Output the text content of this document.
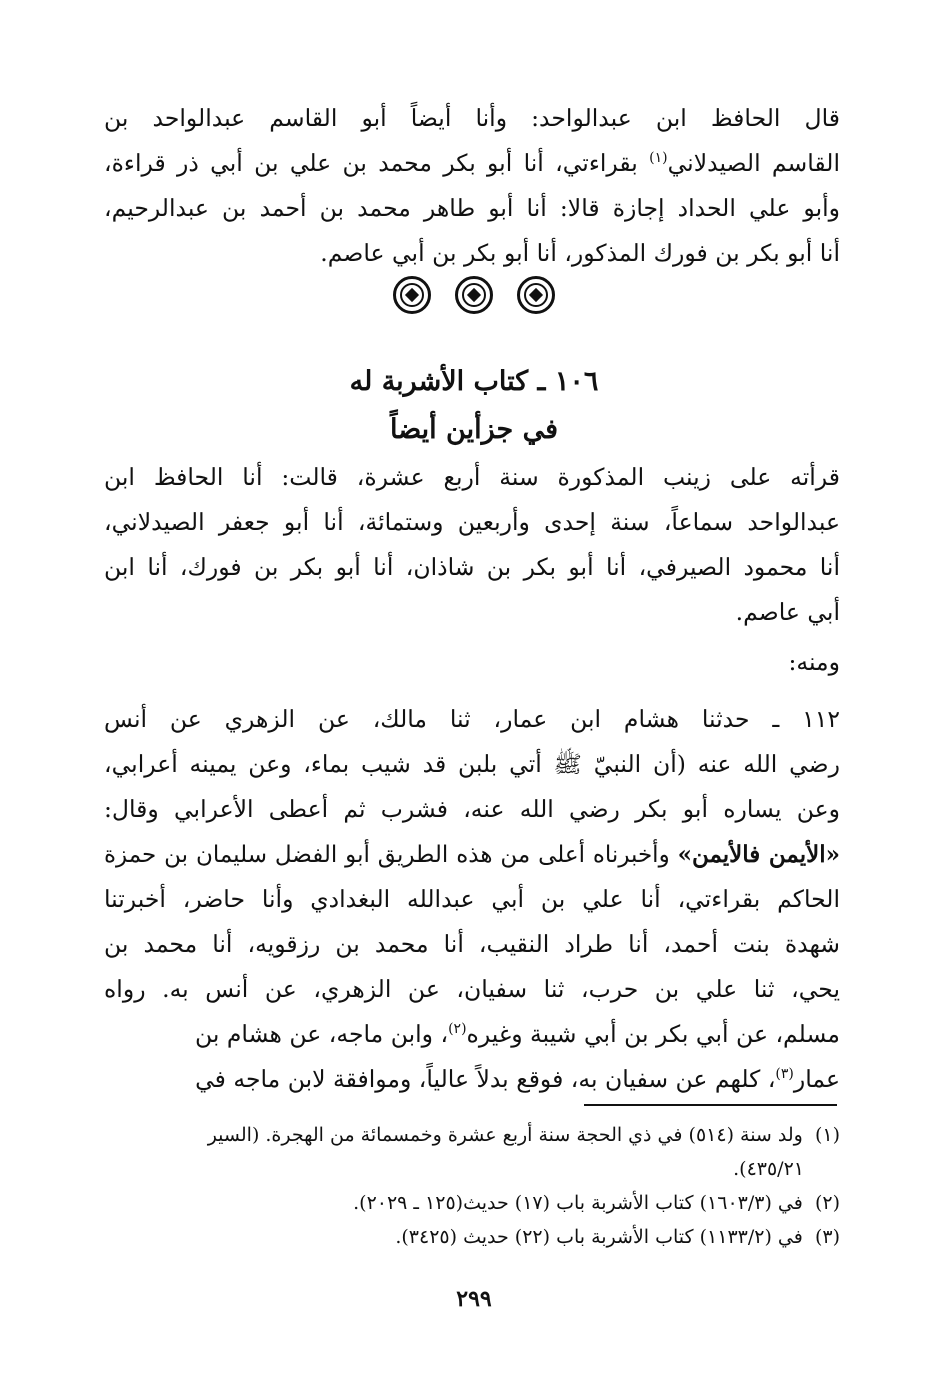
قال الحافظ ابن عبدالواحد: وأنا أيضاً أبو القاسم عبدالواحد بن
القاسم الصيدلاني$^{(١)}$ بقراءتي، أنا أبو بكر محمد بن علي بن أبي ذر قراءة،
وأبو علي الحداد إجازة قالا: أنا أبو طاهر محمد بن أحمد بن عبدالرحيم،
أنا أبو بكر بن فورك المذكور، أنا أبو بكر بن أبي عاصم.
١٠٦ ـ كتاب الأشربة له
في جزأين أيضاً
قرأته على زينب المذكورة سنة أربع عشرة، قالت: أنا الحافظ ابن
عبدالواحد سماعاً، سنة إحدى وأربعين وستمائة، أنا أبو جعفر الصيدلاني،
أنا محمود الصيرفي، أنا أبو بكر بن شاذان، أنا أبو بكر بن فورك، أنا ابن
أبي عاصم.
ومنه:
١١٢ ـ حدثنا هشام ابن عمار، ثنا مالك، عن الزهري عن أنس
رضي الله عنه (أن النبيّ ﷺ أتي بلبن قد شيب بماء، وعن يمينه أعرابي،
وعن يساره أبو بكر رضي الله عنه، فشرب ثم أعطى الأعرابي وقال:
«الأيمن فالأيمن» وأخبرناه أعلى من هذه الطريق أبو الفضل سليمان بن حمزة
الحاكم بقراءتي، أنا علي بن أبي عبدالله البغدادي وأنا حاضر، أخبرتنا
شهدة بنت أحمد، أنا طراد النقيب، أنا محمد بن رزقويه، أنا محمد بن
يحي، ثنا علي بن حرب، ثنا سفيان، عن الزهري، عن أنس به. رواه
مسلم، عن أبي بكر بن أبي شيبة وغيره$^{(٢)}$، وابن ماجه، عن هشام بن
عمار$^{(٣)}$، كلهم عن سفيان به، فوقع بدلاً عالياً، وموافقة لابن ماجه في
(١)  ولد سنة (٥١٤) في ذي الحجة سنة أربع عشرة وخمسمائة من الهجرة. (السير
٤٣٥/٢١).
(٢)  في (١٦٠٣/٣) كتاب الأشربة باب (١٧) حديث(١٢٥ ـ ٢٠٢٩).
(٣)  في (١١٣٣/٢) كتاب الأشربة باب (٢٢) حديث (٣٤٢٥).
٢٩٩
